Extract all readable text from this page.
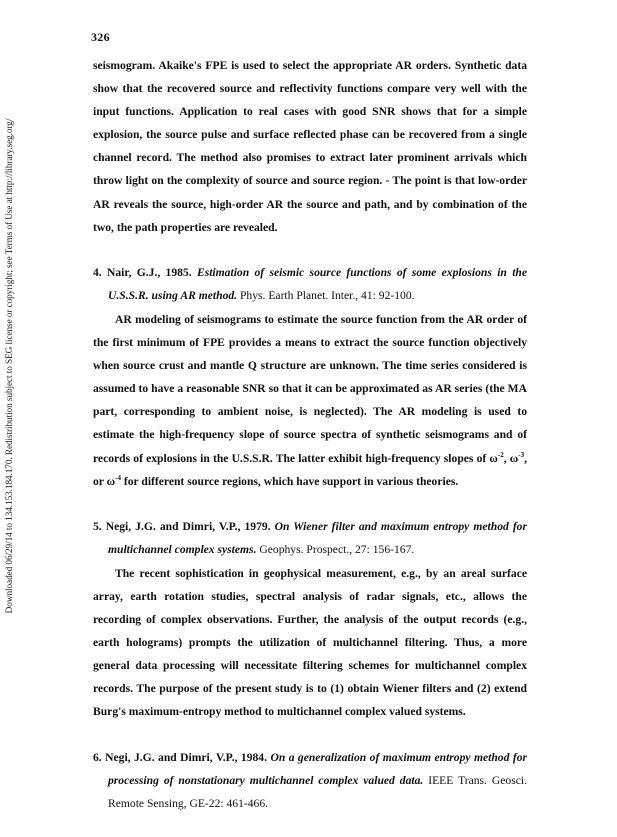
Downloaded 06/29/14 to 134.153.184.170. Redistribution subject to SEG license or copyright; see Terms of Use at http://library.seg.org/
326

seismogram. Akaike's FPE is used to select the appropriate AR orders. Synthetic data show that the recovered source and reflectivity functions compare very well with the input functions. Application to real cases with good SNR shows that for a simple explosion, the source pulse and surface reflected phase can be recovered from a single channel record. The method also promises to extract later prominent arrivals which throw light on the complexity of source and source region. - The point is that low-order AR reveals the source, high-order AR the source and path, and by combination of the two, the path properties are revealed.

4. Nair, G.J., 1985. Estimation of seismic source functions of some explosions in the U.S.S.R. using AR method. Phys. Earth Planet. Inter., 41: 92-100.

AR modeling of seismograms to estimate the source function from the AR order of the first minimum of FPE provides a means to extract the source function objectively when source crust and mantle Q structure are unknown. The time series considered is assumed to have a reasonable SNR so that it can be approximated as AR series (the MA part, corresponding to ambient noise, is neglected). The AR modeling is used to estimate the high-frequency slope of source spectra of synthetic seismograms and of records of explosions in the U.S.S.R. The latter exhibit high-frequency slopes of $\omega^{-2}$, $\omega^{-3}$, or $\omega^{-4}$ for different source regions, which have support in various theories.

5. Negi, J.G. and Dimri, V.P., 1979. On Wiener filter and maximum entropy method for multichannel complex systems. Geophys. Prospect., 27: 156-167.

The recent sophistication in geophysical measurement, e.g., by an areal surface array, earth rotation studies, spectral analysis of radar signals, etc., allows the recording of complex observations. Further, the analysis of the output records (e.g., earth holograms) prompts the utilization of multichannel filtering. Thus, a more general data processing will necessitate filtering schemes for multichannel complex records. The purpose of the present study is to (1) obtain Wiener filters and (2) extend Burg's maximum-entropy method to multichannel complex valued systems.

6. Negi, J.G. and Dimri, V.P., 1984. On a generalization of maximum entropy method for processing of nonstationary multichannel complex valued data. IEEE Trans. Geosci. Remote Sensing, GE-22: 461-466.
